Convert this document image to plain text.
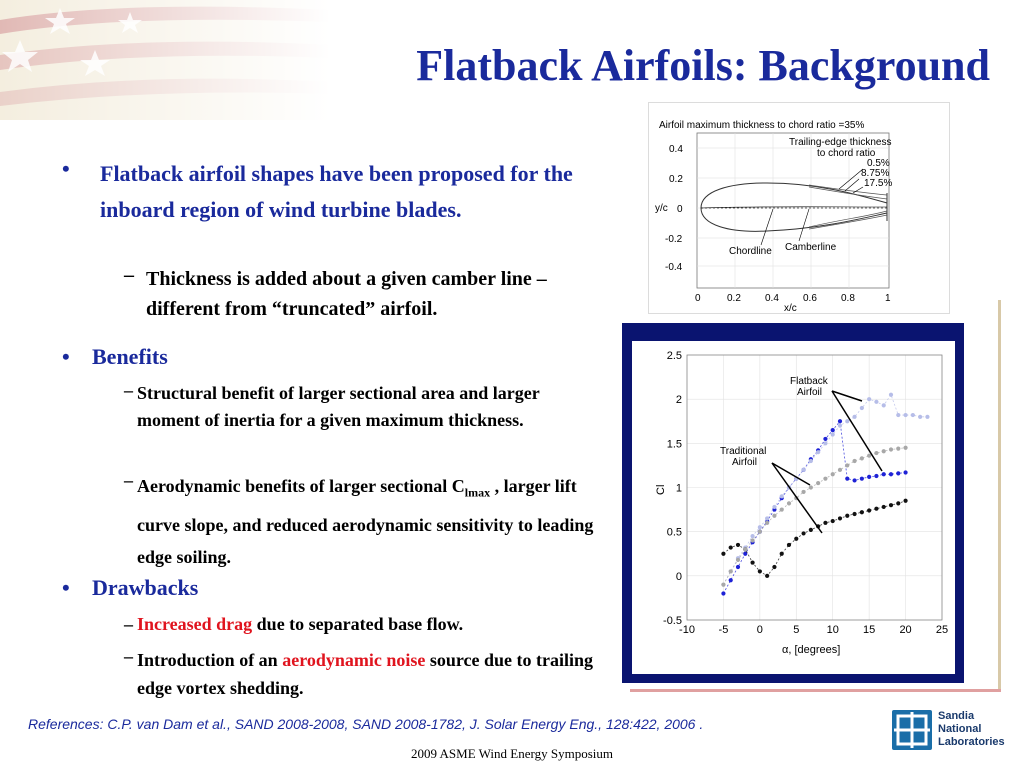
Flatback Airfoils: Background
• Flatback airfoil shapes have been proposed for the inboard region of wind turbine blades.
– Thickness is added about a given camber line – different from “truncated” airfoil.
• Benefits
– Structural benefit of larger sectional area and larger moment of inertia for a given maximum thickness.
– Aerodynamic benefits of larger sectional $C_{lmax}$ , larger lift curve slope, and reduced aerodynamic sensitivity to leading edge soiling.
• Drawbacks
– Increased drag due to separated base flow.
– Introduction of an aerodynamic noise source due to trailing edge vortex shedding.
Airfoil maximum thickness to chord ratio =35%
Trailing-edge thickness
to chord ratio
0.5%
8.75%
17.5%
Chordline Camberline
y/c
0.4
0.2
0
-0.2
-0.4
0	0.2 0.4 0.6 0.8	1
x/c
-10 -5	0	5 10 15 20 25
-0.5
0
0.5
1
1.5
2
2.5
Flatback
Airfoil
Traditional
Airfoil
Cl
α, [degrees]
References: C.P. van Dam et al., SAND 2008-2008, SAND 2008-1782, J. Solar Energy Eng., 128:422, 2006 .
2009 ASME Wind Energy Symposium
Sandia
National
Laboratories
